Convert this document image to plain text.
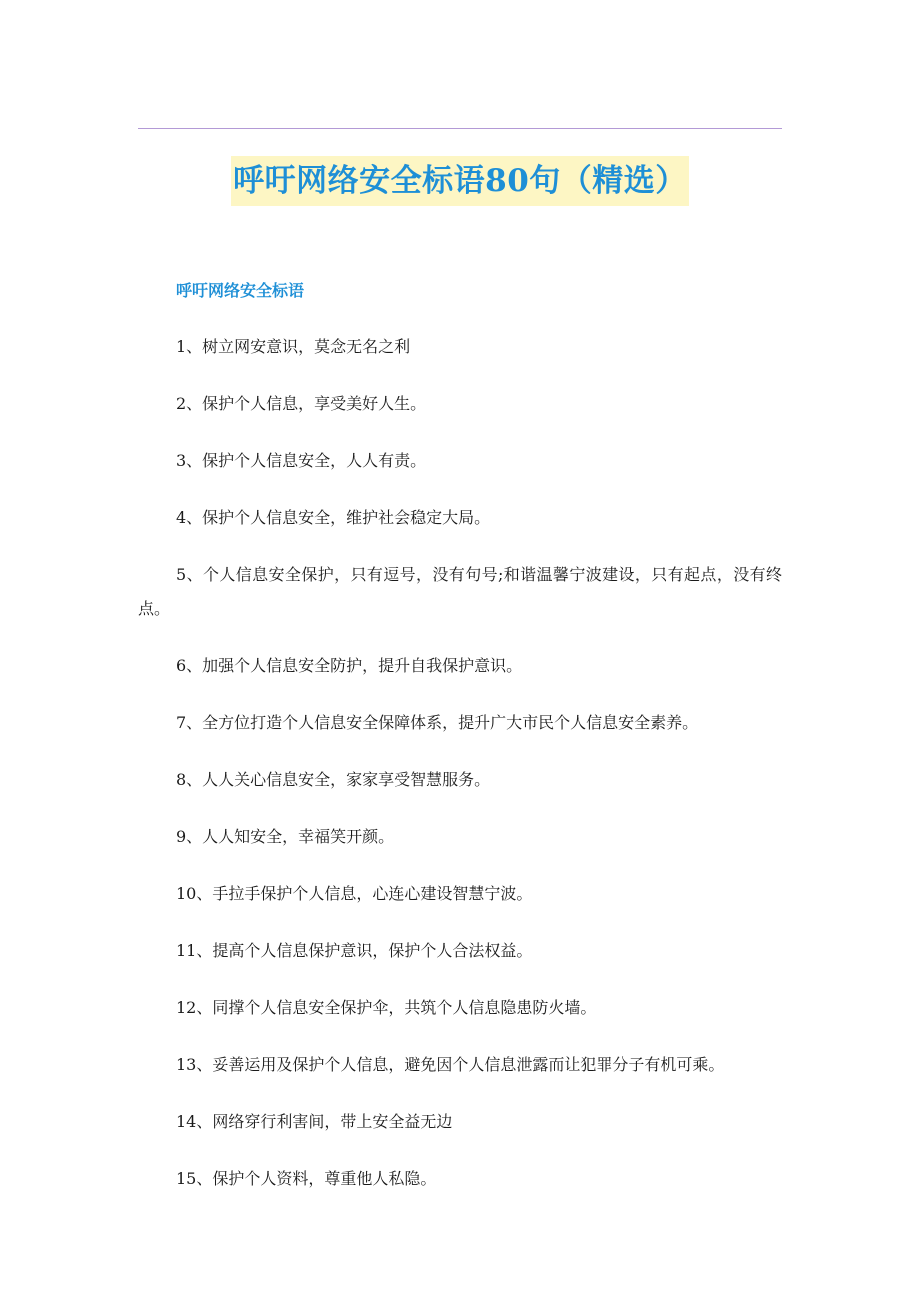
呼吁网络安全标语80句（精选）

呼吁网络安全标语

1、树立网安意识，莫念无名之利

2、保护个人信息，享受美好人生。

3、保护个人信息安全，人人有责。

4、保护个人信息安全，维护社会稳定大局。

5、个人信息安全保护，只有逗号，没有句号;和谐温馨宁波建设，只有起点，没有终点。

6、加强个人信息安全防护，提升自我保护意识。

7、全方位打造个人信息安全保障体系，提升广大市民个人信息安全素养。

8、人人关心信息安全，家家享受智慧服务。

9、人人知安全，幸福笑开颜。

10、手拉手保护个人信息，心连心建设智慧宁波。

11、提高个人信息保护意识，保护个人合法权益。

12、同撑个人信息安全保护伞，共筑个人信息隐患防火墙。

13、妥善运用及保护个人信息，避免因个人信息泄露而让犯罪分子有机可乘。

14、网络穿行利害间，带上安全益无边

15、保护个人资料，尊重他人私隐。
